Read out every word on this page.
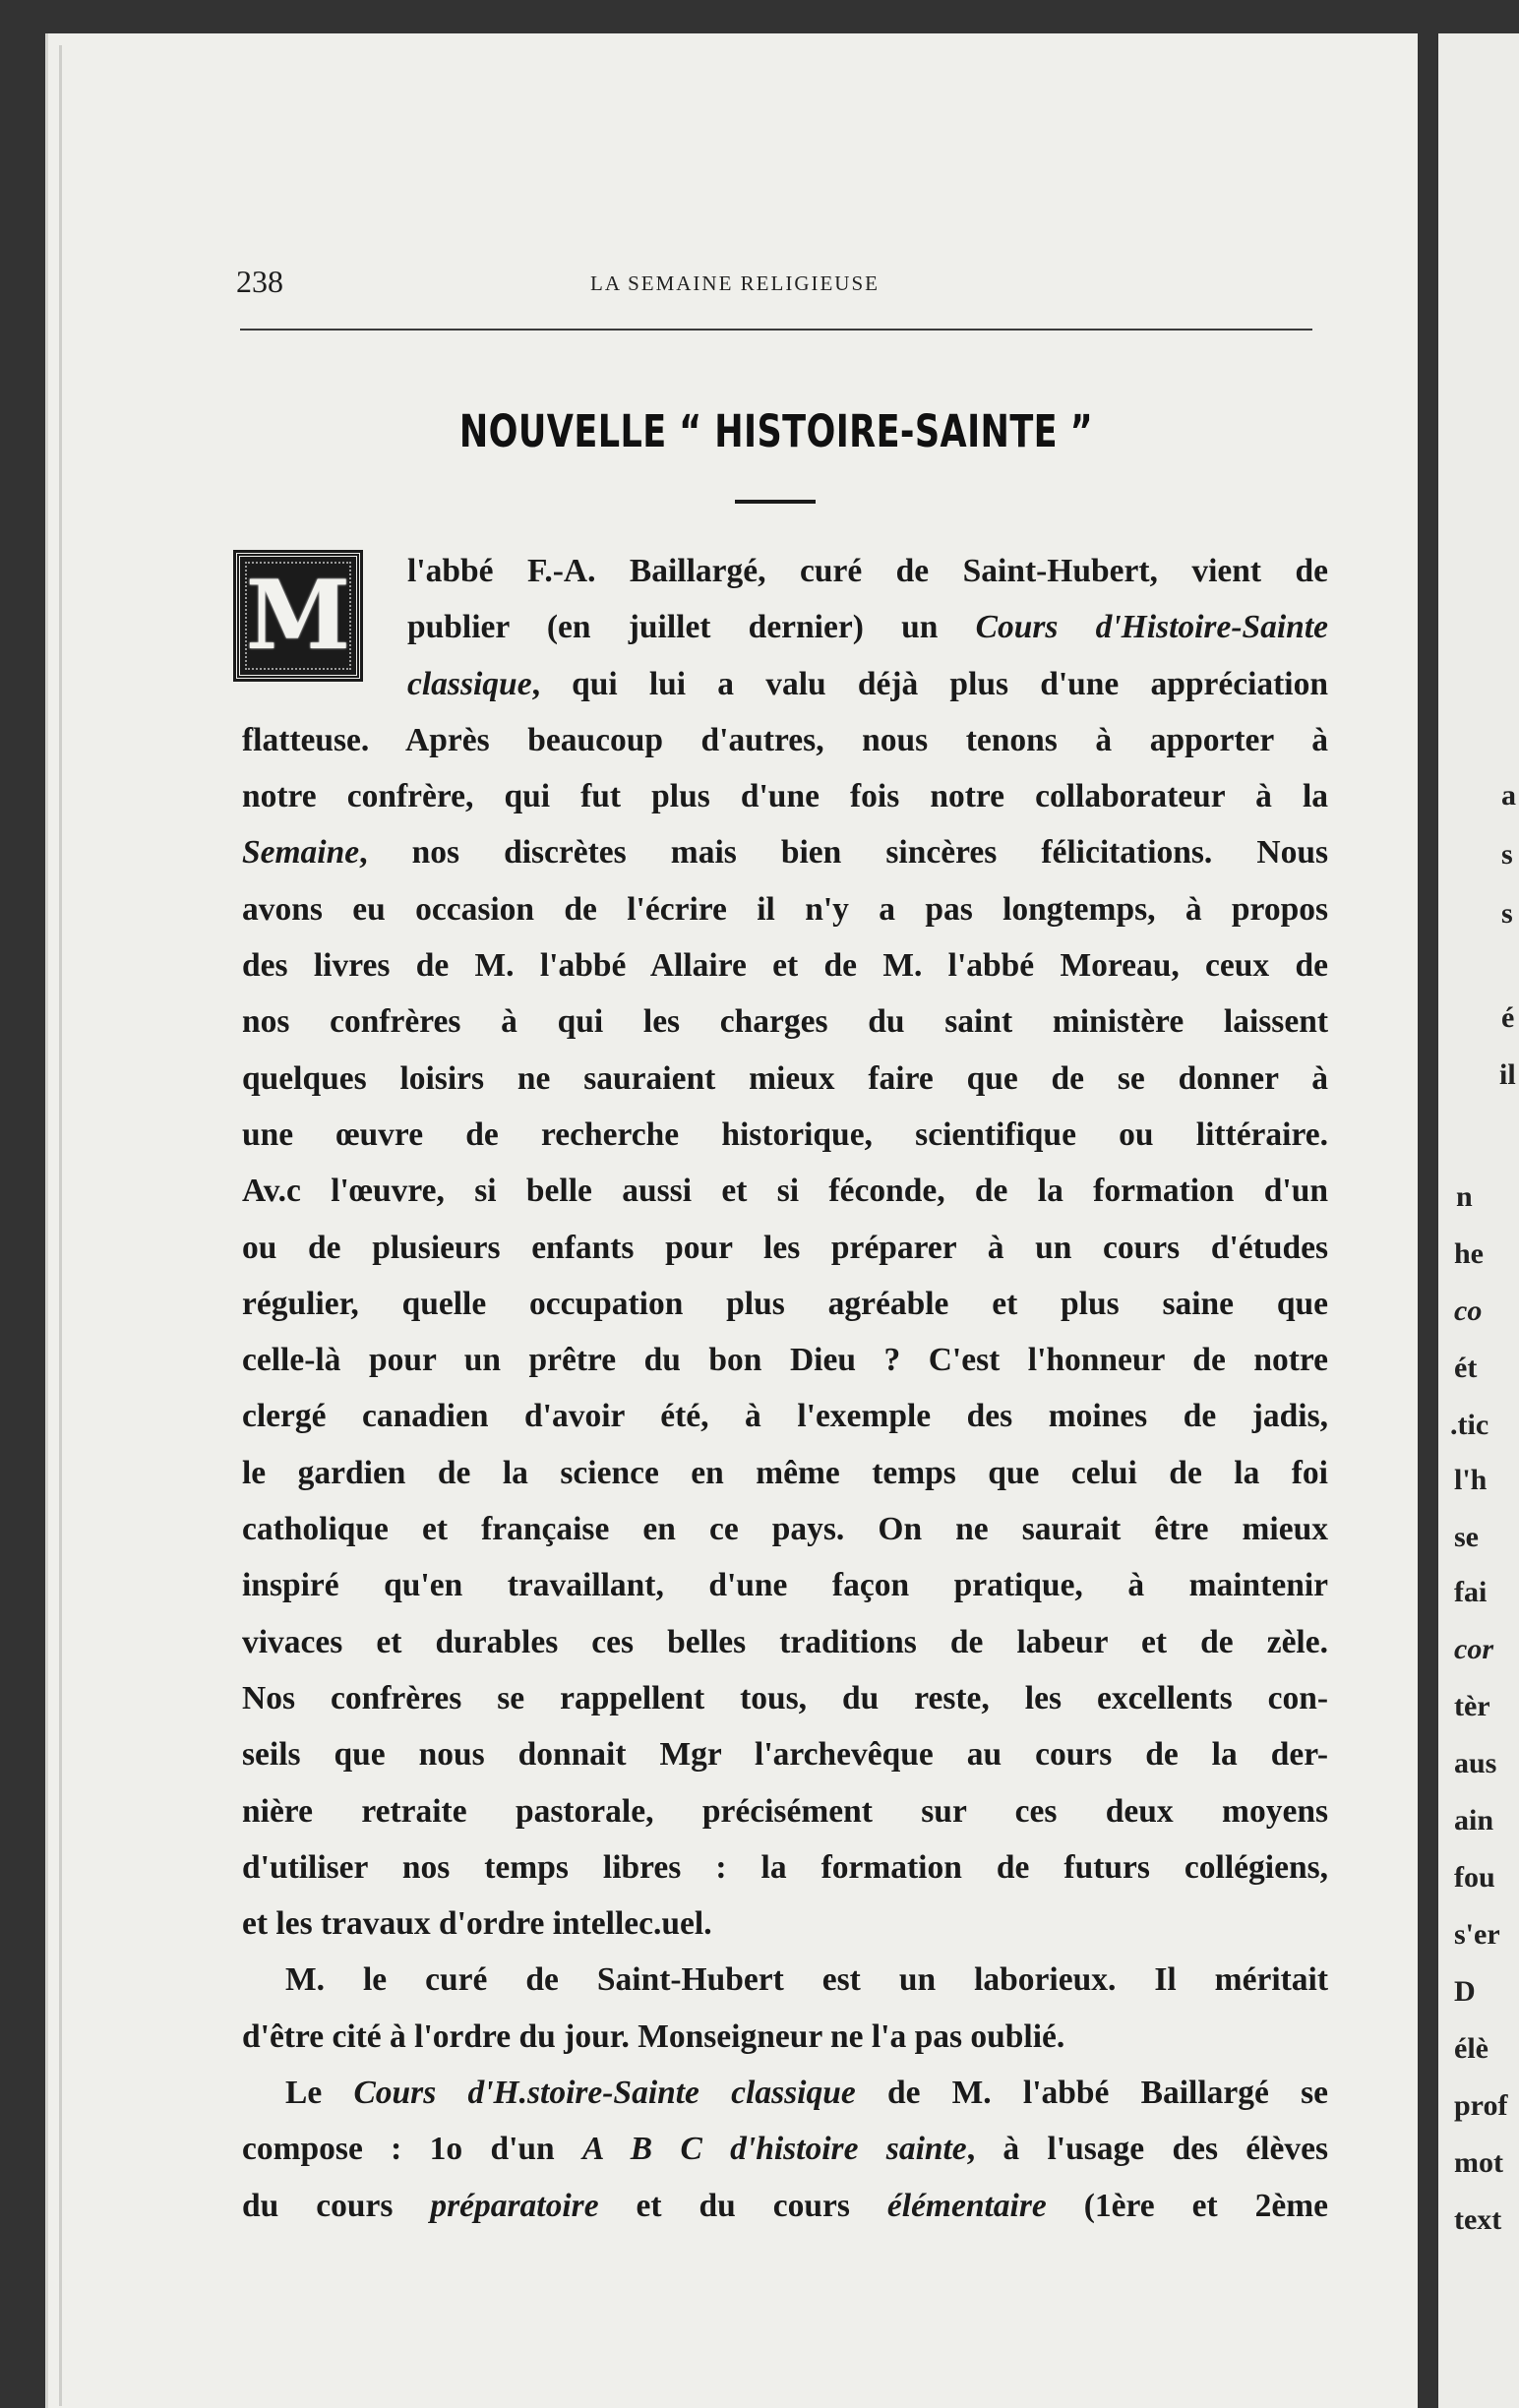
238	LA SEMAINE RELIGIEUSE
NOUVELLE “ HISTOIRE-SAINTE ”
M	l'abbé F.-A. Baillargé, curé de Saint-Hubert, vient de
publier (en juillet dernier) un Cours d'Histoire-Sainte
classique, qui lui a valu déjà plus d'une appréciation
flatteuse. Après beaucoup d'autres, nous tenons à apporter à
notre confrère, qui fut plus d'une fois notre collaborateur à la
Semaine, nos discrètes mais bien sincères félicitations. Nous
avons eu occasion de l'écrire il n'y a pas longtemps, à propos
des livres de M. l'abbé Allaire et de M. l'abbé Moreau, ceux de
nos confrères à qui les charges du saint ministère laissent
quelques loisirs ne sauraient mieux faire que de se donner à
une œuvre de recherche historique, scientifique ou littéraire.
Av.c l'œuvre, si belle aussi et si féconde, de la formation d'un
ou de plusieurs enfants pour les préparer à un cours d'études
régulier, quelle occupation plus agréable et plus saine que
celle-là pour un prêtre du bon Dieu ? C'est l'honneur de notre
clergé canadien d'avoir été, à l'exemple des moines de jadis,
le gardien de la science en même temps que celui de la foi
catholique et française en ce pays. On ne saurait être mieux
inspiré qu'en travaillant, d'une façon pratique, à maintenir
vivaces et durables ces belles traditions de labeur et de zèle.
Nos confrères se rappellent tous, du reste, les excellents con-
seils que nous donnait Mgr l'archevêque au cours de la der-
nière retraite pastorale, précisément sur ces deux moyens
d'utiliser nos temps libres : la formation de futurs collégiens,
et les travaux d'ordre intellec.uel.
M. le curé de Saint-Hubert est un laborieux. Il méritait
d'être cité à l'ordre du jour. Monseigneur ne l'a pas oublié.
Le Cours d'H.stoire-Sainte classique de M. l'abbé Baillargé se
compose : 1o d'un A B C d'histoire sainte, à l'usage des élèves
du cours préparatoire et du cours élémentaire (1ère et 2ème
s
s
a
é
il
n
he
co
ét
.tic
l'h
se
fai
cor
tèr
aus
ain
fou
s'er
D
élè
prof
mot
text
